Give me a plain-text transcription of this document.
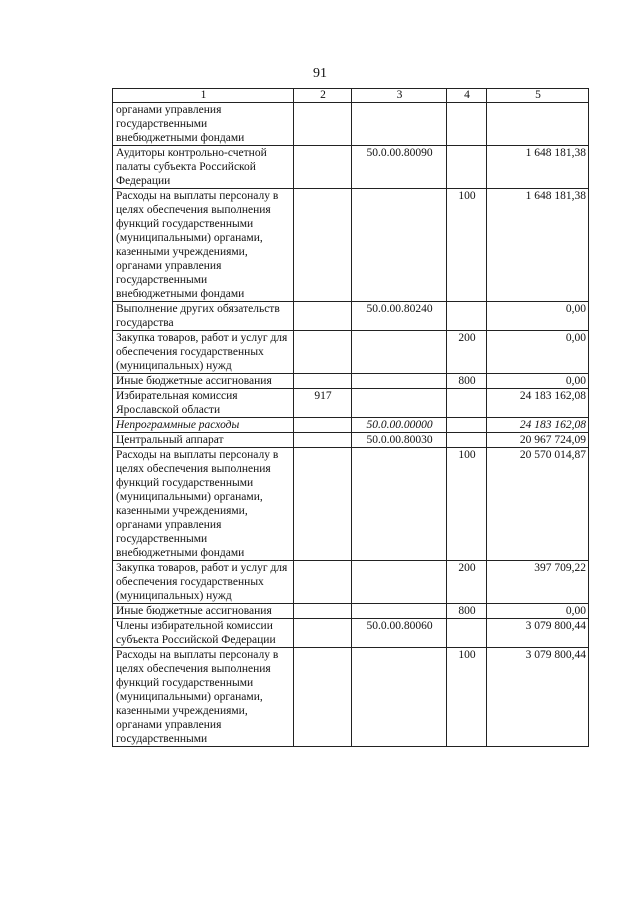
91
1	2	3	4	5
органами управления государственными внебюджетными фондами				
Аудиторы контрольно-счетной палаты субъекта Российской Федерации		50.0.00.80090		1 648 181,38
Расходы на выплаты персоналу в целях обеспечения выполнения функций государственными (муниципальными) органами, казенными учреждениями, органами управления государственными внебюджетными фондами			100	1 648 181,38
Выполнение других обязательств государства		50.0.00.80240		0,00
Закупка товаров, работ и услуг для обеспечения государственных (муниципальных) нужд			200	0,00
Иные бюджетные ассигнования			800	0,00
Избирательная комиссия Ярославской области	917			24 183 162,08
Непрограммные расходы		50.0.00.00000		24 183 162,08
Центральный аппарат		50.0.00.80030		20 967 724,09
Расходы на выплаты персоналу в целях обеспечения выполнения функций государственными (муниципальными) органами, казенными учреждениями, органами управления государственными внебюджетными фондами			100	20 570 014,87
Закупка товаров, работ и услуг для обеспечения государственных (муниципальных) нужд			200	397 709,22
Иные бюджетные ассигнования			800	0,00
Члены избирательной комиссии субъекта Российской Федерации		50.0.00.80060		3 079 800,44
Расходы на выплаты персоналу в целях обеспечения выполнения функций государственными (муниципальными) органами, казенными учреждениями, органами управления государственными			100	3 079 800,44
